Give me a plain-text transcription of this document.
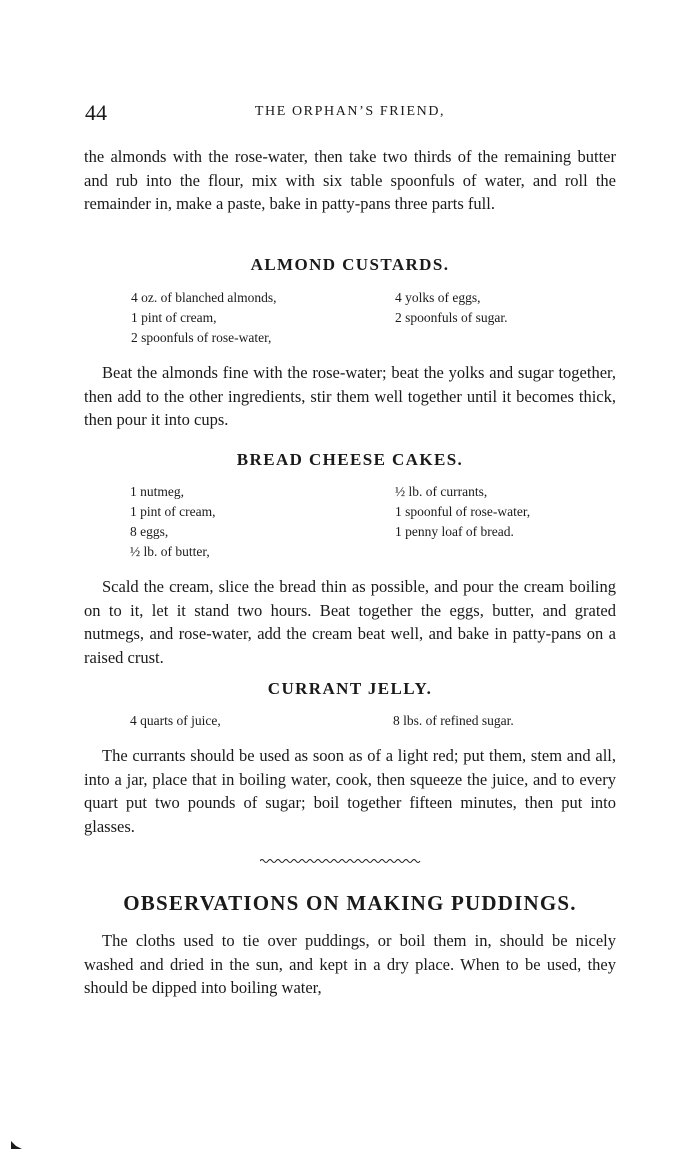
44	THE ORPHAN’S FRIEND,

the almonds with the rose-water, then take two thirds of the remaining butter and rub into the flour, mix with six table spoonfuls of water, and roll the remainder in, make a paste, bake in patty-pans three parts full.

ALMOND CUSTARDS.
4 oz. of blanched almonds,
1 pint of cream,
2 spoonfuls of rose-water,
4 yolks of eggs,
2 spoonfuls of sugar.

Beat the almonds fine with the rose-water; beat the yolks and sugar together, then add to the other ingredients, stir them well together until it becomes thick, then pour it into cups.

BREAD CHEESE CAKES.
1 nutmeg,
1 pint of cream,
8 eggs,
½ lb. of butter,
½ lb. of currants,
1 spoonful of rose-water,
1 penny loaf of bread.

Scald the cream, slice the bread thin as possible, and pour the cream boiling on to it, let it stand two hours. Beat together the eggs, butter, and grated nutmegs, and rose-water, add the cream beat well, and bake in patty-pans on a raised crust.

CURRANT JELLY.
4 quarts of juice,	8 lbs. of refined sugar.

The currants should be used as soon as of a light red; put them, stem and all, into a jar, place that in boiling water, cook, then squeeze the juice, and to every quart put two pounds of sugar; boil together fifteen minutes, then put into glasses.

OBSERVATIONS ON MAKING PUDDINGS.

The cloths used to tie over puddings, or boil them in, should be nicely washed and dried in the sun, and kept in a dry place. When to be used, they should be dipped into boiling water,
